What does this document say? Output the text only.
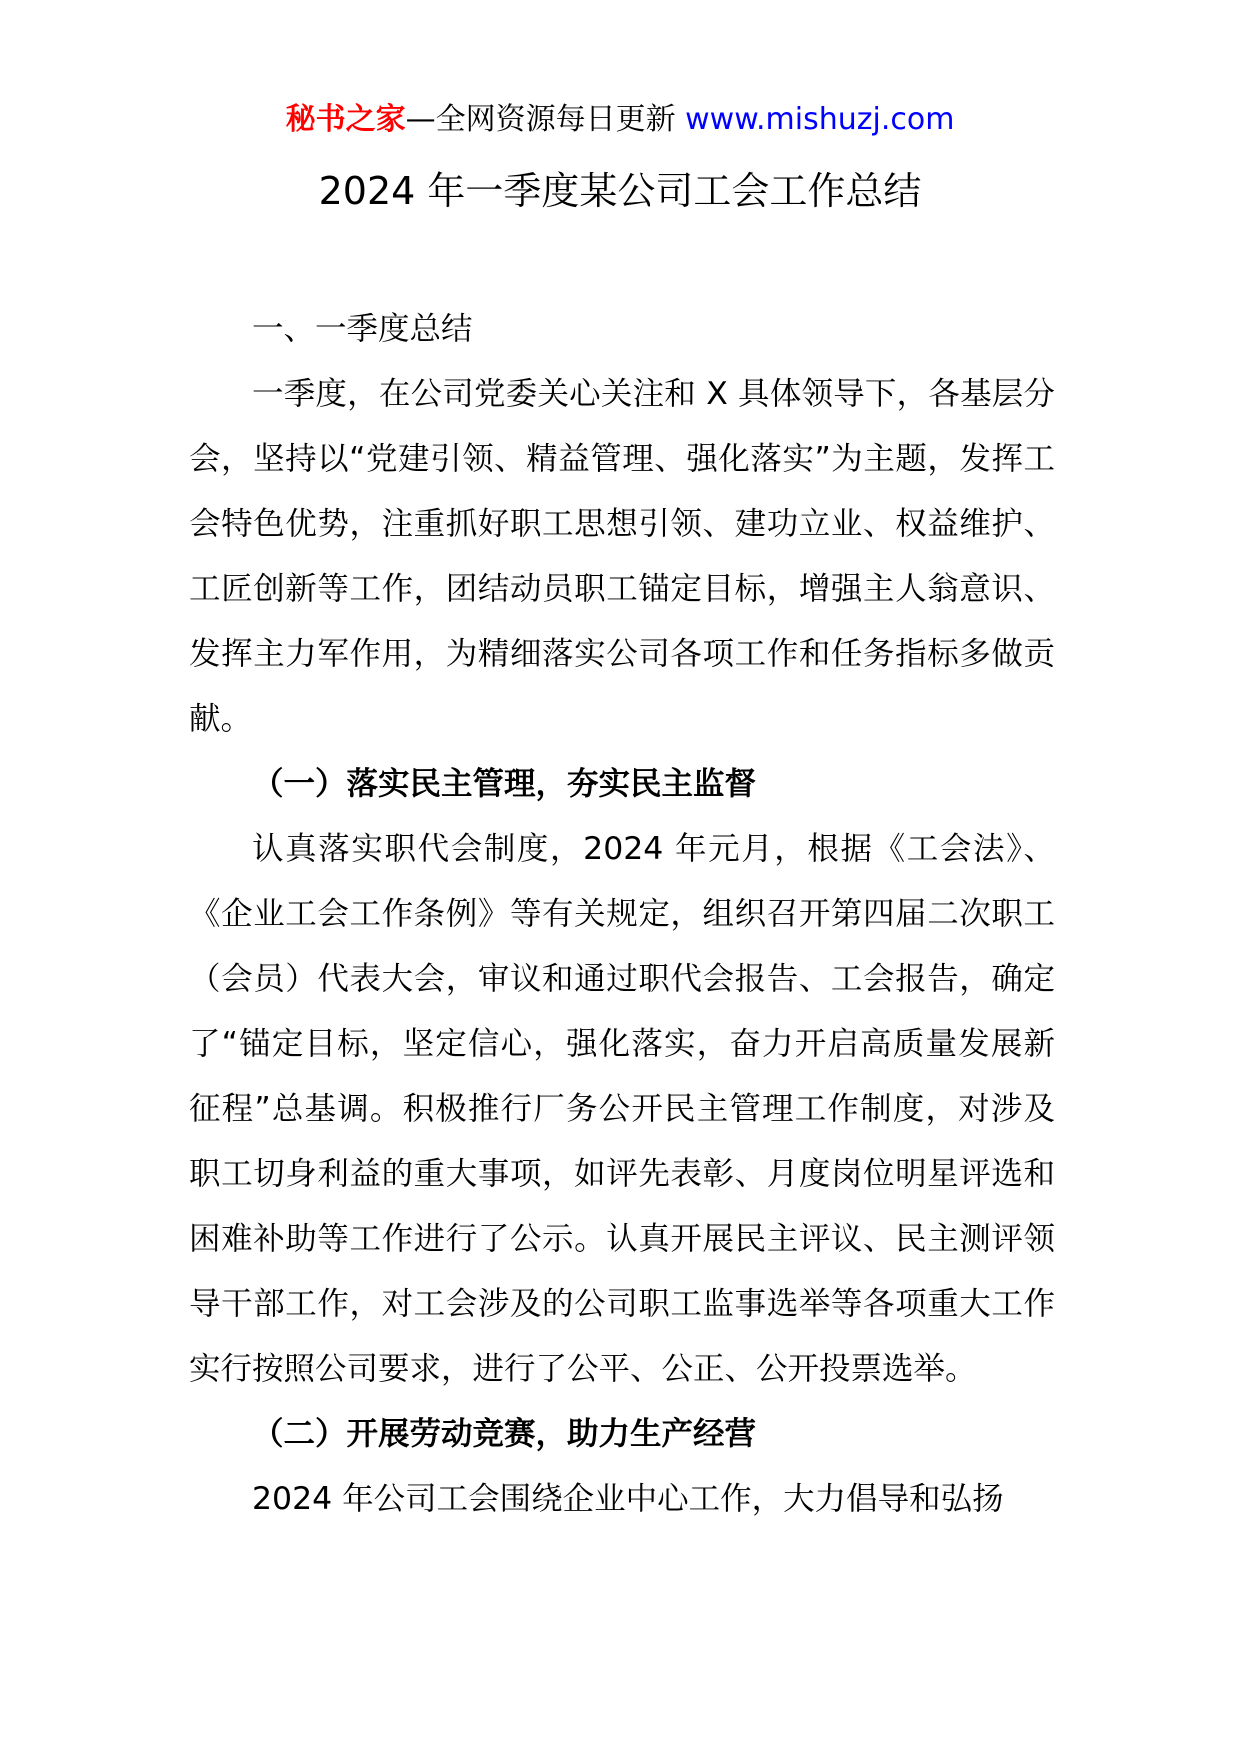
秘书之家—全网资源每日更新 www.mishuzj.com
2024 年一季度某公司工会工作总结

一、一季度总结

一季度，在公司党委关心关注和 X 具体领导下，各基层分会，坚持以“党建引领、精益管理、强化落实”为主题，发挥工会特色优势，注重抓好职工思想引领、建功立业、权益维护、工匠创新等工作，团结动员职工锚定目标，增强主人翁意识、发挥主力军作用，为精细落实公司各项工作和任务指标多做贡献。

（一）落实民主管理，夯实民主监督

认真落实职代会制度，2024 年元月，根据《工会法》、《企业工会工作条例》等有关规定，组织召开第四届二次职工（会员）代表大会，审议和通过职代会报告、工会报告，确定了“锚定目标，坚定信心，强化落实，奋力开启高质量发展新征程”总基调。积极推行厂务公开民主管理工作制度，对涉及职工切身利益的重大事项，如评先表彰、月度岗位明星评选和困难补助等工作进行了公示。认真开展民主评议、民主测评领导干部工作，对工会涉及的公司职工监事选举等各项重大工作实行按照公司要求，进行了公平、公正、公开投票选举。

（二）开展劳动竞赛，助力生产经营

2024 年公司工会围绕企业中心工作，大力倡导和弘扬
